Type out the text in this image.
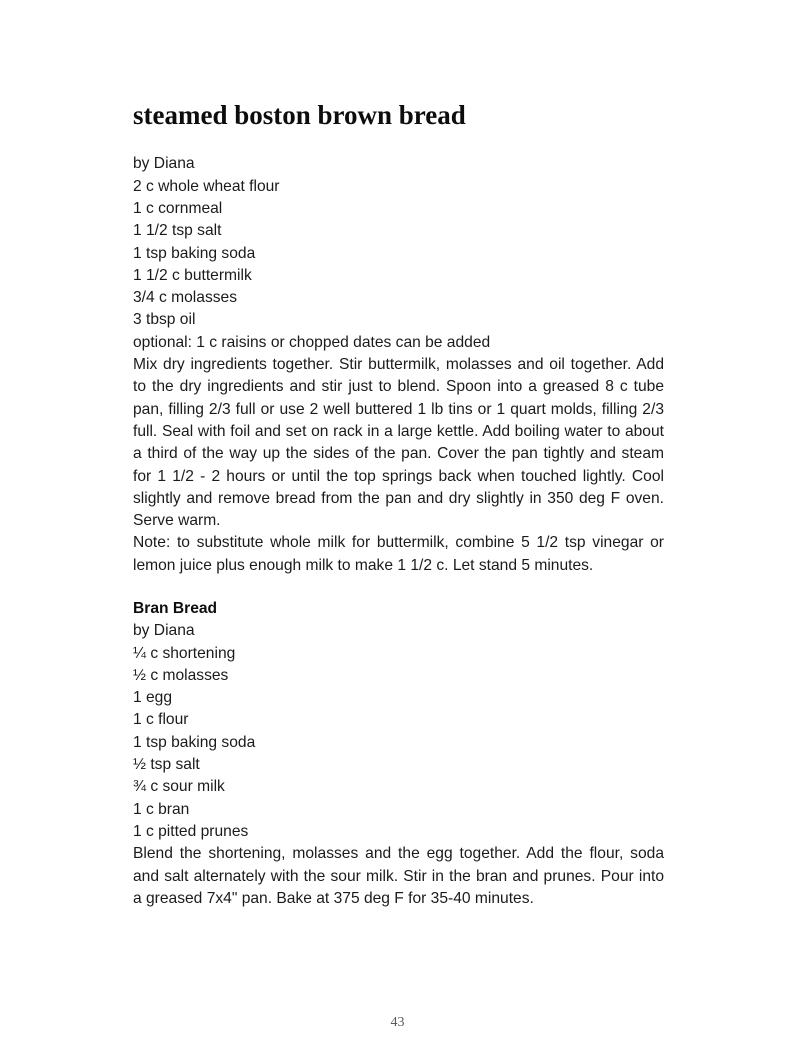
steamed boston brown bread
by Diana
2 c whole wheat flour
1 c cornmeal
1 1/2 tsp salt
1 tsp baking soda
1 1/2 c buttermilk
3/4 c molasses
3 tbsp oil
optional: 1 c raisins or chopped dates can be added

Mix dry ingredients together. Stir buttermilk, molasses and oil together. Add to the dry ingredients and stir just to blend. Spoon into a greased 8 c tube pan, filling 2/3 full or use 2 well buttered 1 lb tins or 1 quart molds, filling 2/3 full. Seal with foil and set on rack in a large kettle. Add boiling water to about a third of the way up the sides of the pan. Cover the pan tightly and steam for 1 1/2 - 2 hours or until the top springs back when touched lightly. Cool slightly and remove bread from the pan and dry slightly in 350 deg F oven. Serve warm.

Note: to substitute whole milk for buttermilk, combine 5 1/2 tsp vinegar or lemon juice plus enough milk to make 1 1/2 c. Let stand 5 minutes.

Bran Bread
by Diana
¼ c shortening
½ c molasses
1 egg
1 c flour
1 tsp baking soda
½ tsp salt
¾ c sour milk
1 c bran
1 c pitted prunes

Blend the shortening, molasses and the egg together. Add the flour, soda and salt alternately with the sour milk. Stir in the bran and prunes. Pour into a greased 7x4" pan. Bake at 375 deg F for 35-40 minutes.

43
